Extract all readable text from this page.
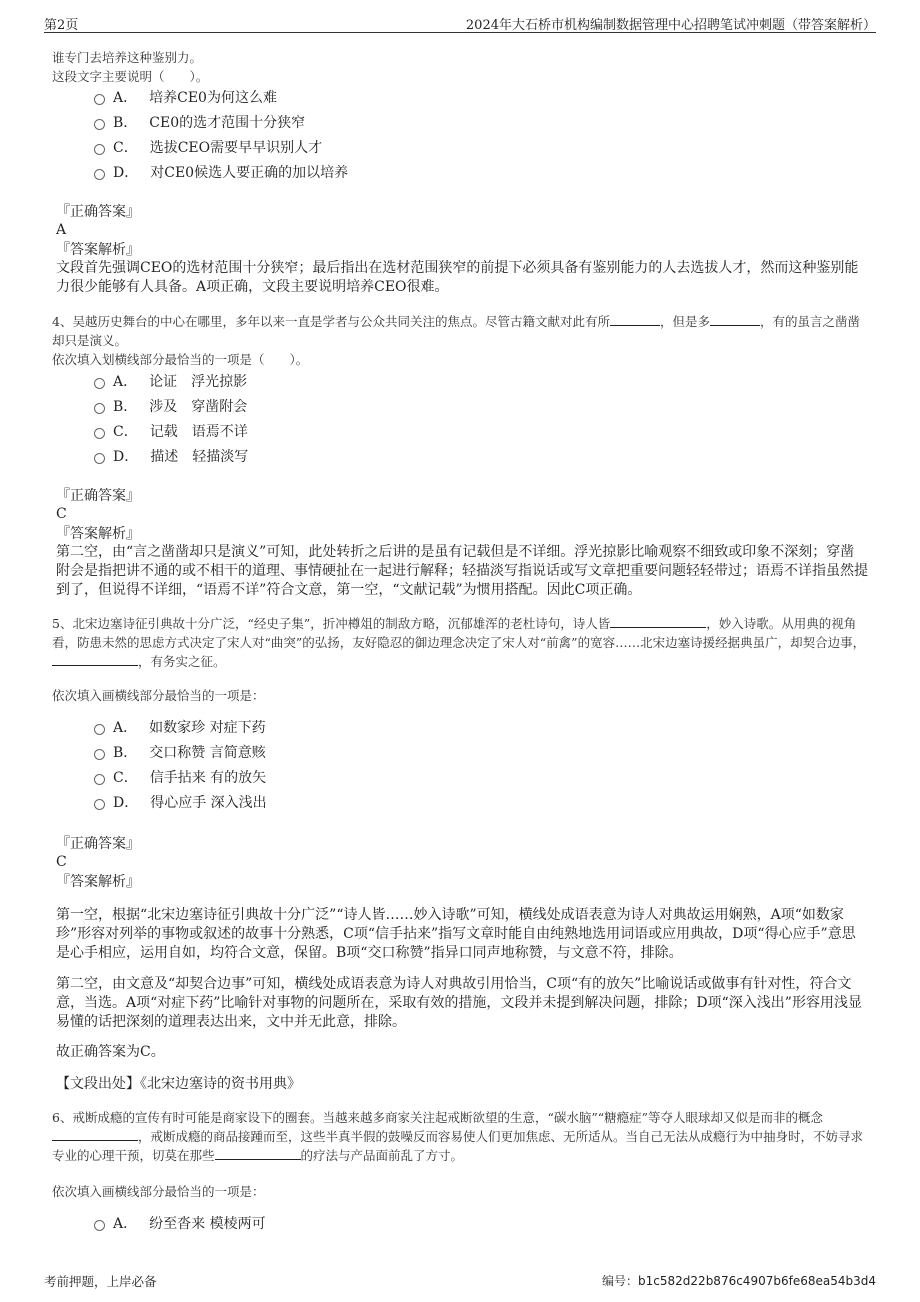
第2页	2024年大石桥市机构编制数据管理中心招聘笔试冲刺题（带答案解析）
谁专门去培养这种鉴别力。
这段文字主要说明（　　）。
A． 培养CE0为何这么难
B． CE0的选才范围十分狭窄
C． 选拔CEO需要早早识别人才
D． 对CE0候选人要正确的加以培养
『正确答案』
A
『答案解析』
文段首先强调CEO的选材范围十分狭窄；最后指出在选材范围狭窄的前提下必须具备有鉴别能力的人去选拔人才，然而这种鉴别能力很少能够有人具备。A项正确，文段主要说明培养CEO很难。
4、吴越历史舞台的中心在哪里，多年以来一直是学者与公众共同关注的焦点。尽管古籍文献对此有所	，但是多	，有的虽言之凿凿却只是演义。
依次填入划横线部分最恰当的一项是（　　）。
A． 论证　浮光掠影
B． 涉及　穿凿附会
C． 记载　语焉不详
D． 描述　轻描淡写
『正确答案』
C
『答案解析』
第二空，由“言之凿凿却只是演义”可知，此处转折之后讲的是虽有记载但是不详细。浮光掠影比喻观察不细致或印象不深刻；穿凿附会是指把讲不通的或不相干的道理、事情硬扯在一起进行解释；轻描淡写指说话或写文章把重要问题轻轻带过；语焉不详指虽然提到了，但说得不详细，“语焉不详”符合文意，第一空，“文献记载”为惯用搭配。因此C项正确。
5、北宋边塞诗征引典故十分广泛，“经史子集”，折冲樽俎的制敌方略，沉郁雄浑的老杜诗句，诗人皆	，妙入诗歌。从用典的视角看，防患未然的思虑方式决定了宋人对“曲突”的弘扬，友好隐忍的御边理念决定了宋人对“前禽”的宽容……北宋边塞诗援经据典虽广，却契合边事，，有务实之征。
依次填入画横线部分最恰当的一项是：
A． 如数家珍 对症下药
B． 交口称赞 言简意赅
C． 信手拈来 有的放矢
D． 得心应手 深入浅出
『正确答案』
C
『答案解析』
第一空，根据“北宋边塞诗征引典故十分广泛”“诗人皆……妙入诗歌”可知，横线处成语表意为诗人对典故运用娴熟，A项“如数家珍”形容对列举的事物或叙述的故事十分熟悉，C项“信手拈来”指写文章时能自由纯熟地选用词语或应用典故，D项“得心应手”意思是心手相应，运用自如，均符合文意，保留。B项“交口称赞”指异口同声地称赞，与文意不符，排除。
第二空，由文意及“却契合边事”可知，横线处成语表意为诗人对典故引用恰当，C项“有的放矢”比喻说话或做事有针对性，符合文意，当选。A项“对症下药”比喻针对事物的问题所在，采取有效的措施，文段并未提到解决问题，排除；D项“深入浅出”形容用浅显易懂的话把深刻的道理表达出来，文中并无此意，排除。
故正确答案为C。
【文段出处】《北宋边塞诗的资书用典》
6、戒断成瘾的宣传有时可能是商家设下的圈套。当越来越多商家关注起戒断欲望的生意，“碳水脑”“糖瘾症”等夺人眼球却又似是而非的概念，戒断成瘾的商品接踵而至，这些半真半假的鼓噪反而容易使人们更加焦虑、无所适从。当自己无法从成瘾行为中抽身时，不妨寻求专业的心理干预，切莫在那些	的疗法与产品面前乱了方寸。
依次填入画横线部分最恰当的一项是：
A． 纷至沓来 模棱两可
考前押题，上岸必备	编号：b1c582d22b876c4907b6fe68ea54b3d4
